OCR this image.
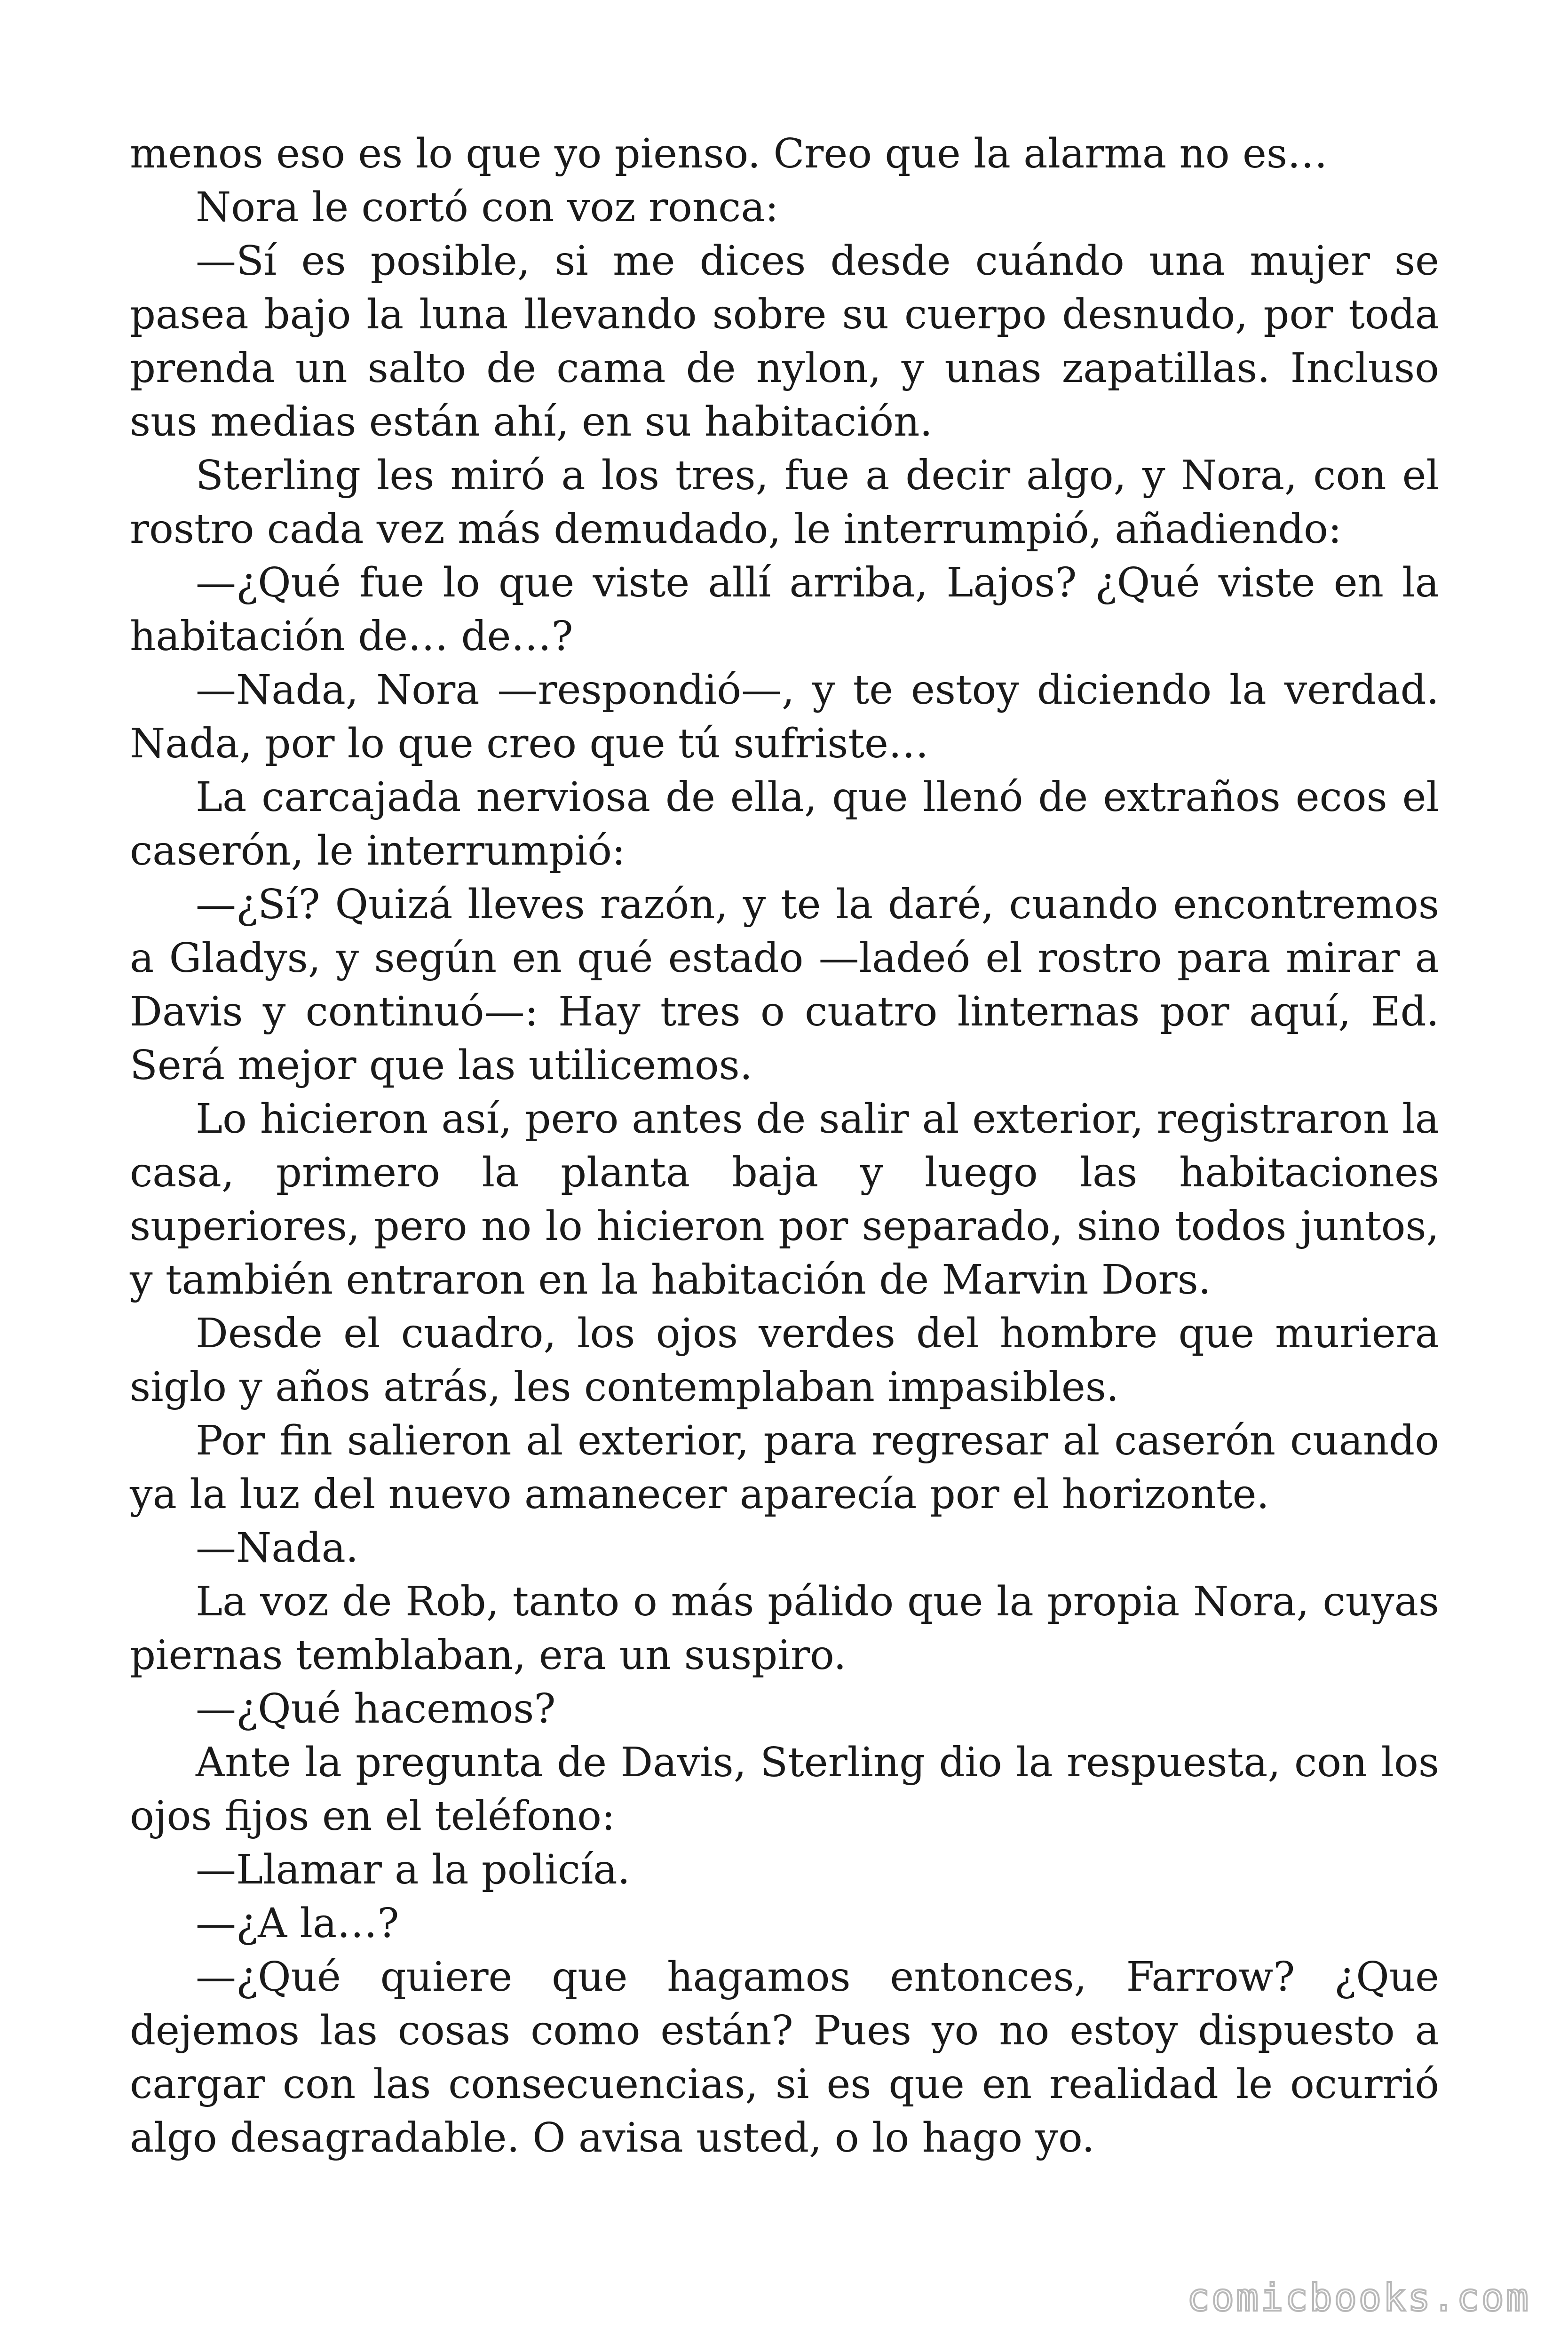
menos eso es lo que yo pienso. Creo que la alarma no es…

Nora le cortó con voz ronca:

—Sí es posible, si me dices desde cuándo una mujer se pasea bajo la luna llevando sobre su cuerpo desnudo, por toda prenda un salto de cama de nylon, y unas zapatillas. Incluso sus medias están ahí, en su habitación.

Sterling les miró a los tres, fue a decir algo, y Nora, con el rostro cada vez más demudado, le interrumpió, añadiendo:

—¿Qué fue lo que viste allí arriba, Lajos? ¿Qué viste en la habitación de… de…?

—Nada, Nora —respondió—, y te estoy diciendo la verdad. Nada, por lo que creo que tú sufriste…

La carcajada nerviosa de ella, que llenó de extraños ecos el caserón, le interrumpió:

—¿Sí? Quizá lleves razón, y te la daré, cuando encontremos a Gladys, y según en qué estado —ladeó el rostro para mirar a Davis y continuó—: Hay tres o cuatro linternas por aquí, Ed. Será mejor que las utilicemos.

Lo hicieron así, pero antes de salir al exterior, registraron la casa, primero la planta baja y luego las habitaciones superiores, pero no lo hicieron por separado, sino todos juntos, y también entraron en la habitación de Marvin Dors.

Desde el cuadro, los ojos verdes del hombre que muriera siglo y años atrás, les contemplaban impasibles.

Por fin salieron al exterior, para regresar al caserón cuando ya la luz del nuevo amanecer aparecía por el horizonte.

—Nada.

La voz de Rob, tanto o más pálido que la propia Nora, cuyas piernas temblaban, era un suspiro.

—¿Qué hacemos?

Ante la pregunta de Davis, Sterling dio la respuesta, con los ojos fijos en el teléfono:

—Llamar a la policía.

—¿A la…?

—¿Qué quiere que hagamos entonces, Farrow? ¿Que dejemos las cosas como están? Pues yo no estoy dispuesto a cargar con las consecuencias, si es que en realidad le ocurrió algo desagradable. O avisa usted, o lo hago yo.

comicbooks.com
